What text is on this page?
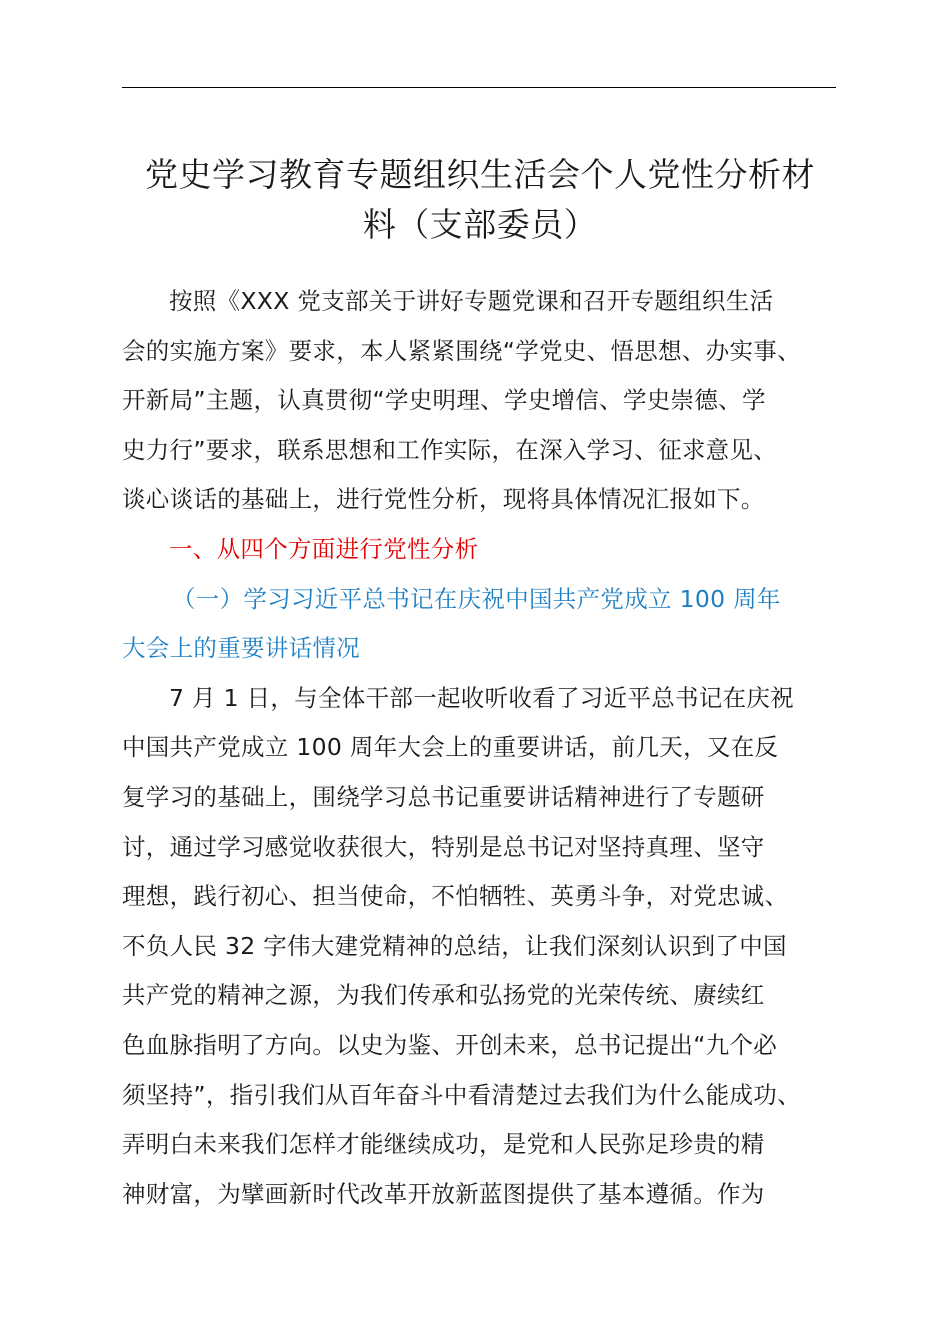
党史学习教育专题组织生活会个人党性分析材
料（支部委员）
按照《XXX 党支部关于讲好专题党课和召开专题组织生活
会的实施方案》要求，本人紧紧围绕“学党史、悟思想、办实事、
开新局”主题，认真贯彻“学史明理、学史增信、学史崇德、学
史力行”要求，联系思想和工作实际，在深入学习、征求意见、
谈心谈话的基础上，进行党性分析，现将具体情况汇报如下。
一、从四个方面进行党性分析
（一）学习习近平总书记在庆祝中国共产党成立 100 周年
大会上的重要讲话情况
7 月 1 日，与全体干部一起收听收看了习近平总书记在庆祝
中国共产党成立 100 周年大会上的重要讲话，前几天，又在反
复学习的基础上，围绕学习总书记重要讲话精神进行了专题研
讨，通过学习感觉收获很大，特别是总书记对坚持真理、坚守
理想，践行初心、担当使命，不怕牺牲、英勇斗争，对党忠诚、
不负人民 32 字伟大建党精神的总结，让我们深刻认识到了中国
共产党的精神之源，为我们传承和弘扬党的光荣传统、赓续红
色血脉指明了方向。以史为鉴、开创未来，总书记提出“九个必
须坚持”，指引我们从百年奋斗中看清楚过去我们为什么能成功、
弄明白未来我们怎样才能继续成功，是党和人民弥足珍贵的精
神财富，为擘画新时代改革开放新蓝图提供了基本遵循。作为
